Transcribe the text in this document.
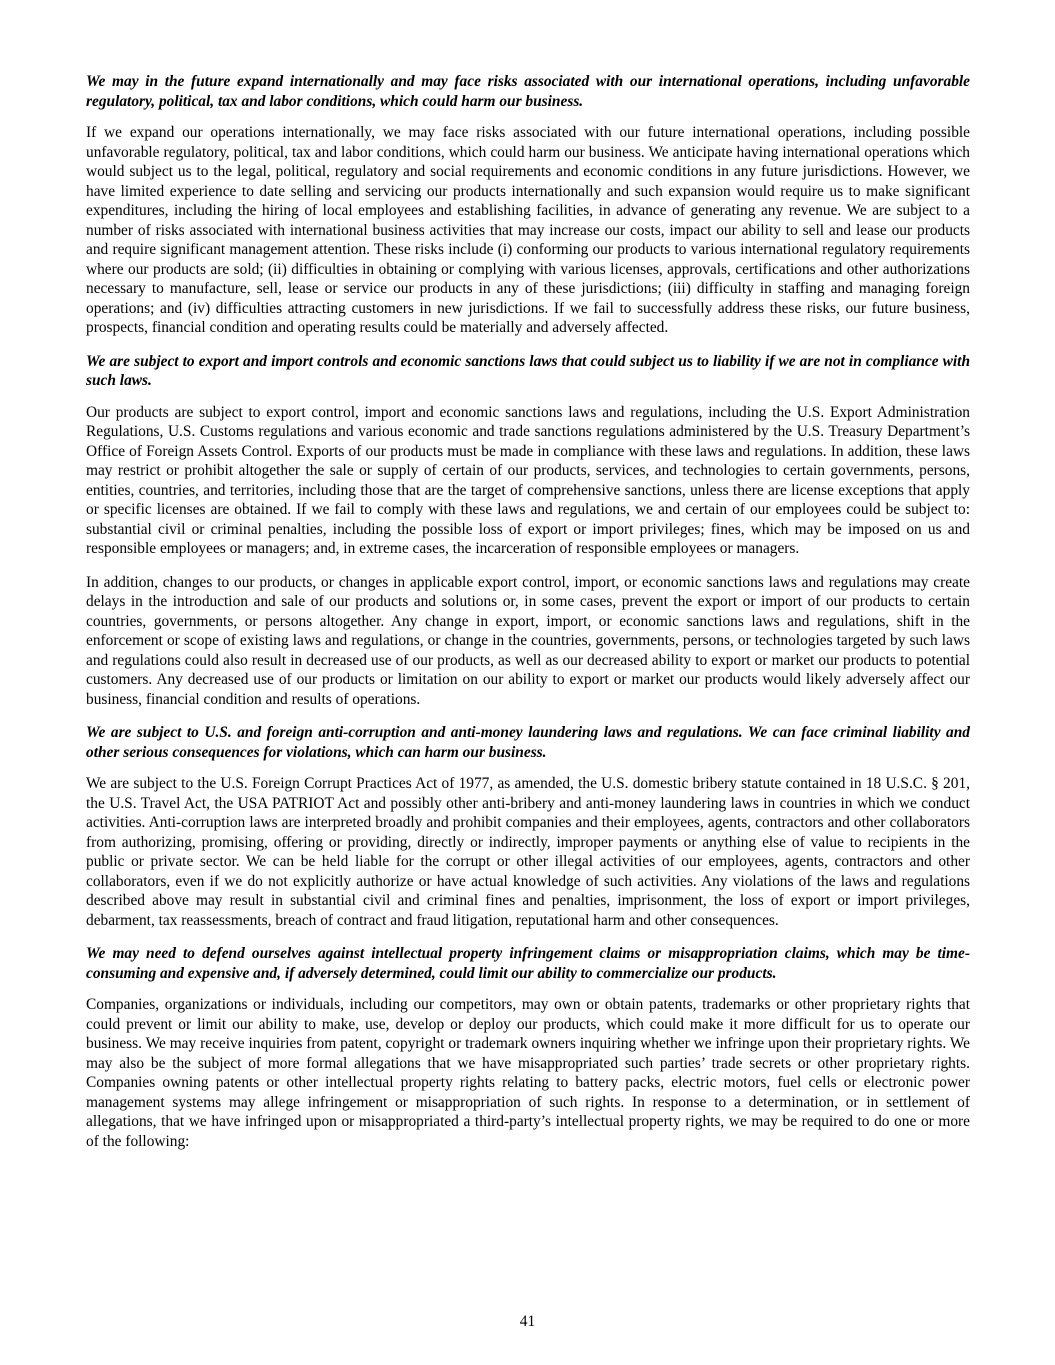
We may in the future expand internationally and may face risks associated with our international operations, including unfavorable regulatory, political, tax and labor conditions, which could harm our business.

If we expand our operations internationally, we may face risks associated with our future international operations, including possible unfavorable regulatory, political, tax and labor conditions, which could harm our business. We anticipate having international operations which would subject us to the legal, political, regulatory and social requirements and economic conditions in any future jurisdictions. However, we have limited experience to date selling and servicing our products internationally and such expansion would require us to make significant expenditures, including the hiring of local employees and establishing facilities, in advance of generating any revenue. We are subject to a number of risks associated with international business activities that may increase our costs, impact our ability to sell and lease our products and require significant management attention. These risks include (i) conforming our products to various international regulatory requirements where our products are sold; (ii) difficulties in obtaining or complying with various licenses, approvals, certifications and other authorizations necessary to manufacture, sell, lease or service our products in any of these jurisdictions; (iii) difficulty in staffing and managing foreign operations; and (iv) difficulties attracting customers in new jurisdictions. If we fail to successfully address these risks, our future business, prospects, financial condition and operating results could be materially and adversely affected.

We are subject to export and import controls and economic sanctions laws that could subject us to liability if we are not in compliance with such laws.

Our products are subject to export control, import and economic sanctions laws and regulations, including the U.S. Export Administration Regulations, U.S. Customs regulations and various economic and trade sanctions regulations administered by the U.S. Treasury Department’s Office of Foreign Assets Control. Exports of our products must be made in compliance with these laws and regulations. In addition, these laws may restrict or prohibit altogether the sale or supply of certain of our products, services, and technologies to certain governments, persons, entities, countries, and territories, including those that are the target of comprehensive sanctions, unless there are license exceptions that apply or specific licenses are obtained. If we fail to comply with these laws and regulations, we and certain of our employees could be subject to: substantial civil or criminal penalties, including the possible loss of export or import privileges; fines, which may be imposed on us and responsible employees or managers; and, in extreme cases, the incarceration of responsible employees or managers.

In addition, changes to our products, or changes in applicable export control, import, or economic sanctions laws and regulations may create delays in the introduction and sale of our products and solutions or, in some cases, prevent the export or import of our products to certain countries, governments, or persons altogether. Any change in export, import, or economic sanctions laws and regulations, shift in the enforcement or scope of existing laws and regulations, or change in the countries, governments, persons, or technologies targeted by such laws and regulations could also result in decreased use of our products, as well as our decreased ability to export or market our products to potential customers. Any decreased use of our products or limitation on our ability to export or market our products would likely adversely affect our business, financial condition and results of operations.

We are subject to U.S. and foreign anti-corruption and anti-money laundering laws and regulations. We can face criminal liability and other serious consequences for violations, which can harm our business.

We are subject to the U.S. Foreign Corrupt Practices Act of 1977, as amended, the U.S. domestic bribery statute contained in 18 U.S.C. § 201, the U.S. Travel Act, the USA PATRIOT Act and possibly other anti-bribery and anti-money laundering laws in countries in which we conduct activities. Anti-corruption laws are interpreted broadly and prohibit companies and their employees, agents, contractors and other collaborators from authorizing, promising, offering or providing, directly or indirectly, improper payments or anything else of value to recipients in the public or private sector. We can be held liable for the corrupt or other illegal activities of our employees, agents, contractors and other collaborators, even if we do not explicitly authorize or have actual knowledge of such activities. Any violations of the laws and regulations described above may result in substantial civil and criminal fines and penalties, imprisonment, the loss of export or import privileges, debarment, tax reassessments, breach of contract and fraud litigation, reputational harm and other consequences.

We may need to defend ourselves against intellectual property infringement claims or misappropriation claims, which may be time-consuming and expensive and, if adversely determined, could limit our ability to commercialize our products.

Companies, organizations or individuals, including our competitors, may own or obtain patents, trademarks or other proprietary rights that could prevent or limit our ability to make, use, develop or deploy our products, which could make it more difficult for us to operate our business. We may receive inquiries from patent, copyright or trademark owners inquiring whether we infringe upon their proprietary rights. We may also be the subject of more formal allegations that we have misappropriated such parties’ trade secrets or other proprietary rights. Companies owning patents or other intellectual property rights relating to battery packs, electric motors, fuel cells or electronic power management systems may allege infringement or misappropriation of such rights. In response to a determination, or in settlement of allegations, that we have infringed upon or misappropriated a third-party’s intellectual property rights, we may be required to do one or more of the following:

41
